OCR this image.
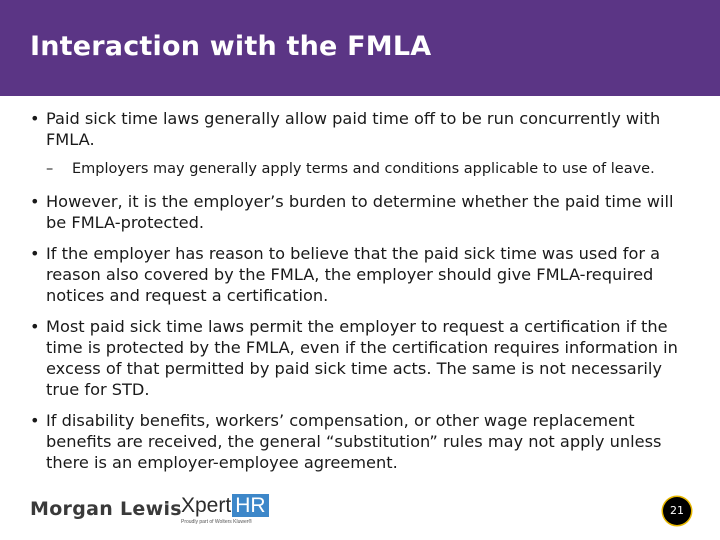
Interaction with the FMLA
• Paid sick time laws generally allow paid time off to be run concurrently with FMLA.
– Employers may generally apply terms and conditions applicable to use of leave.
• However, it is the employer’s burden to determine whether the paid time will be FMLA-protected.
• If the employer has reason to believe that the paid sick time was used for a reason also covered by the FMLA, the employer should give FMLA-required notices and request a certification.
• Most paid sick time laws permit the employer to request a certification if the time is protected by the FMLA, even if the certification requires information in excess of that permitted by paid sick time acts. The same is not necessarily true for STD.
• If disability benefits, workers’ compensation, or other wage replacement benefits are received, the general “substitution” rules may not apply unless there is an employer-employee agreement.
Morgan Lewis Xpert HR
Proudly part of Wolters Kluwer®
21
